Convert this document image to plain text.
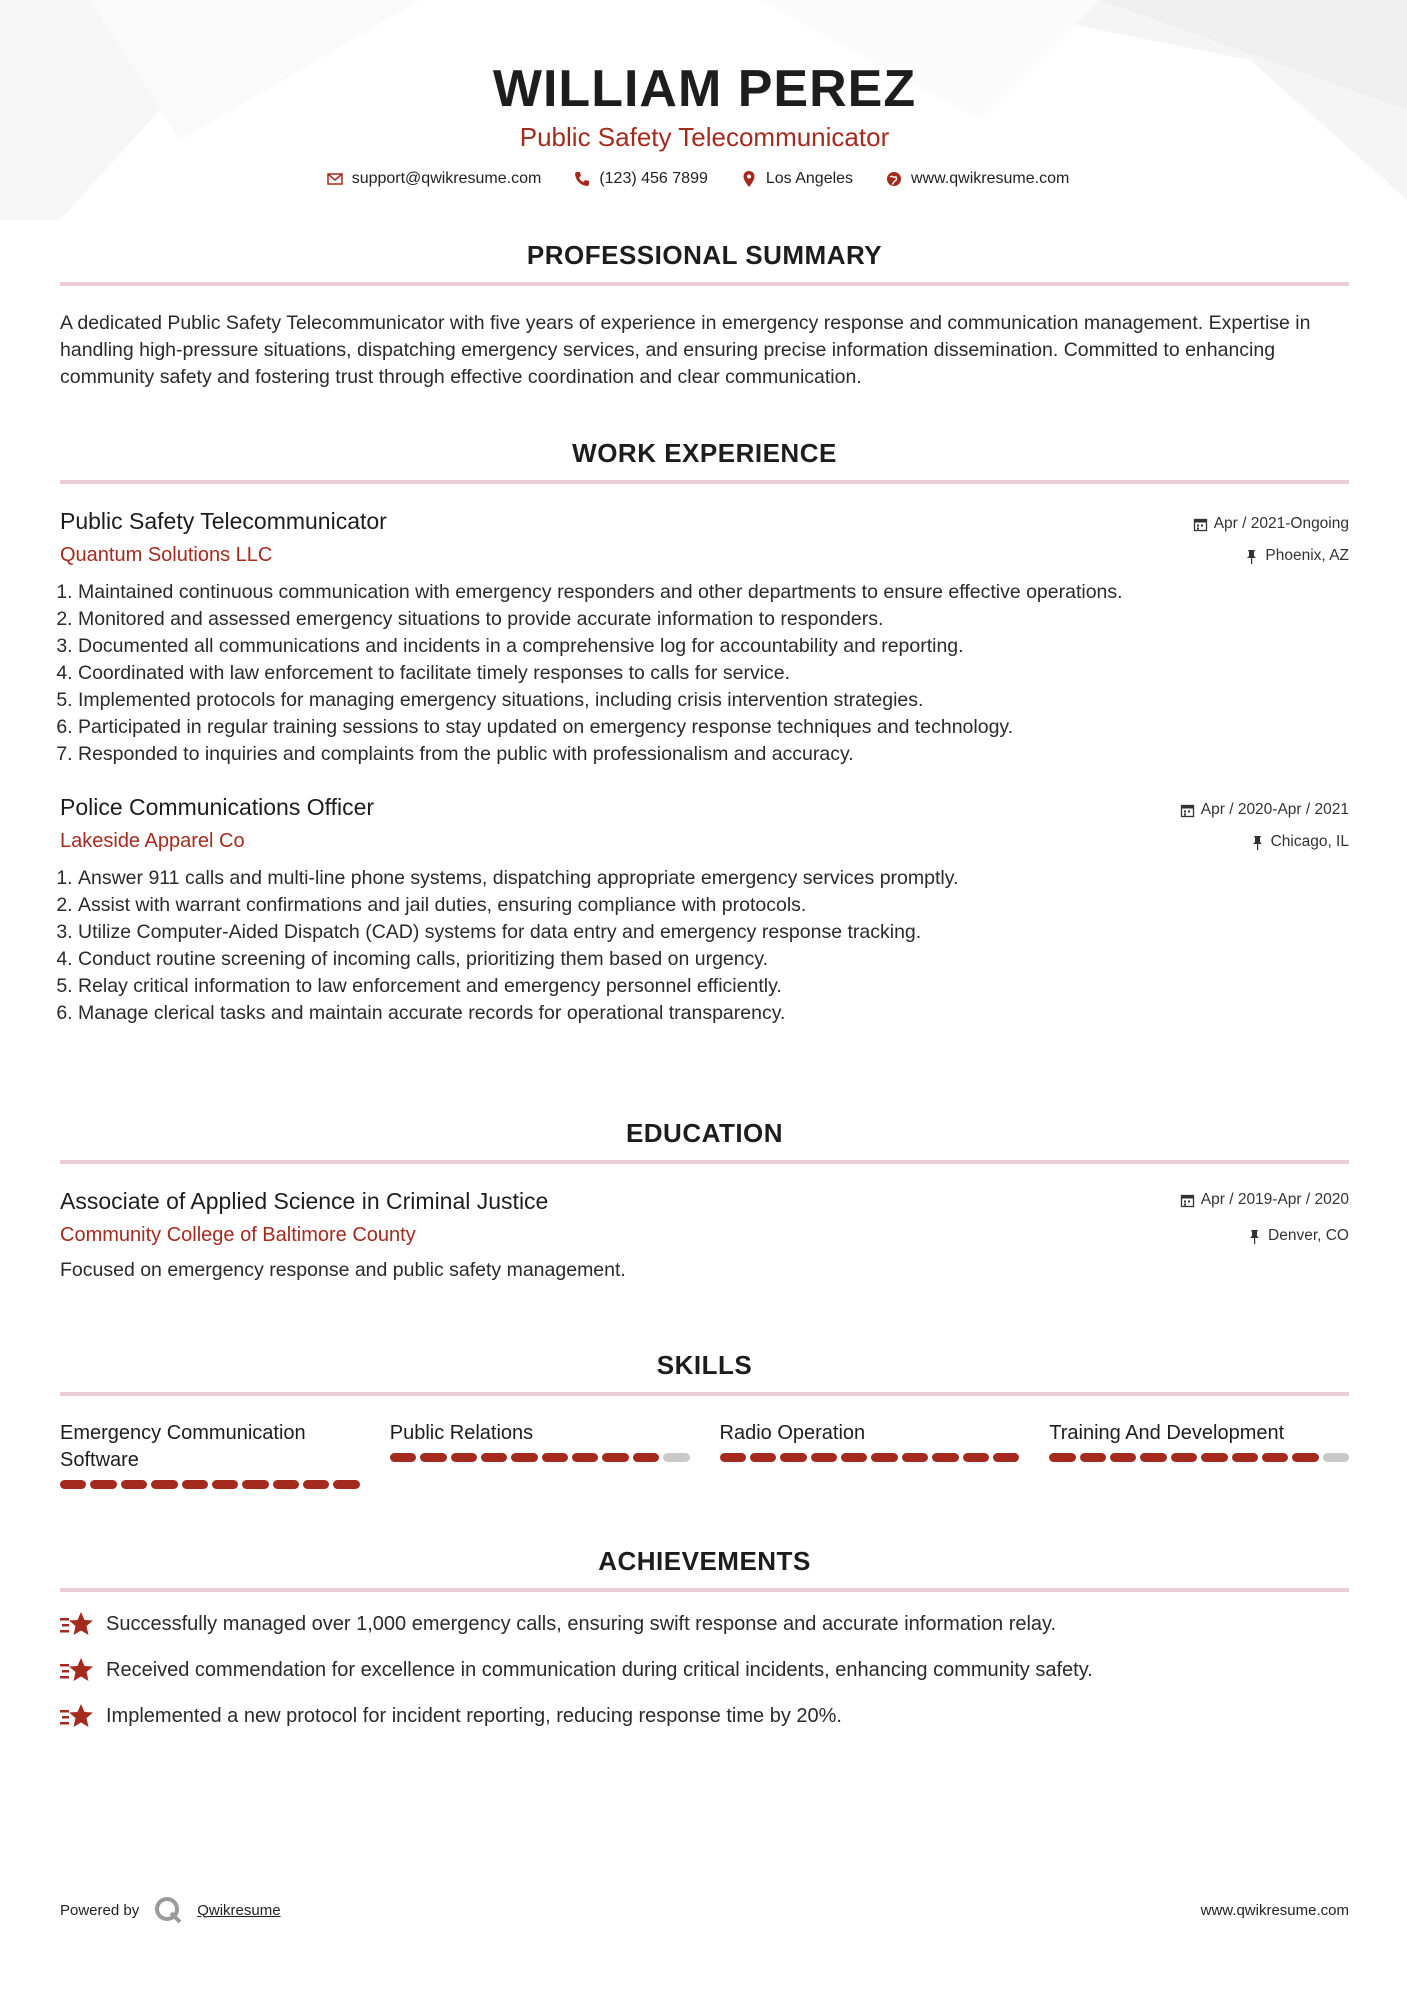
WILLIAM PEREZ
Public Safety Telecommunicator
support@qwikresume.com	(123) 456 7899	Los Angeles	www.qwikresume.com
PROFESSIONAL SUMMARY
A dedicated Public Safety Telecommunicator with five years of experience in emergency response and communication management. Expertise in handling high-pressure situations, dispatching emergency services, and ensuring precise information dissemination. Committed to enhancing community safety and fostering trust through effective coordination and clear communication.
WORK EXPERIENCE
Public Safety Telecommunicator
Quantum Solutions LLC
Apr / 2021-Ongoing
Phoenix, AZ
1. Maintained continuous communication with emergency responders and other departments to ensure effective operations.
2. Monitored and assessed emergency situations to provide accurate information to responders.
3. Documented all communications and incidents in a comprehensive log for accountability and reporting.
4. Coordinated with law enforcement to facilitate timely responses to calls for service.
5. Implemented protocols for managing emergency situations, including crisis intervention strategies.
6. Participated in regular training sessions to stay updated on emergency response techniques and technology.
7. Responded to inquiries and complaints from the public with professionalism and accuracy.
Police Communications Officer
Lakeside Apparel Co
Apr / 2020-Apr / 2021
Chicago, IL
1. Answer 911 calls and multi-line phone systems, dispatching appropriate emergency services promptly.
2. Assist with warrant confirmations and jail duties, ensuring compliance with protocols.
3. Utilize Computer-Aided Dispatch (CAD) systems for data entry and emergency response tracking.
4. Conduct routine screening of incoming calls, prioritizing them based on urgency.
5. Relay critical information to law enforcement and emergency personnel efficiently.
6. Manage clerical tasks and maintain accurate records for operational transparency.
EDUCATION
Associate of Applied Science in Criminal Justice
Community College of Baltimore County
Apr / 2019-Apr / 2020
Denver, CO
Focused on emergency response and public safety management.
SKILLS
Emergency Communication Software
Public Relations	Radio Operation	Training And Development
ACHIEVEMENTS
Successfully managed over 1,000 emergency calls, ensuring swift response and accurate information relay.
Received commendation for excellence in communication during critical incidents, enhancing community safety.
Implemented a new protocol for incident reporting, reducing response time by 20%.
Powered by	Qwikresume	www.qwikresume.com
